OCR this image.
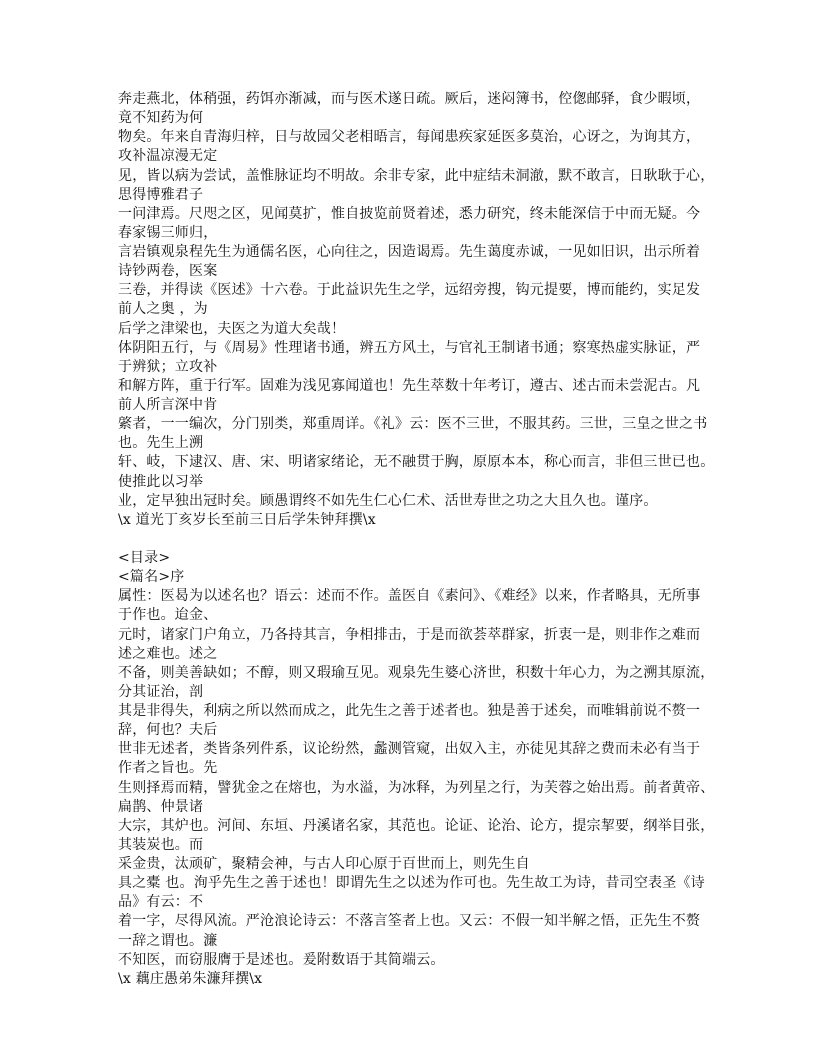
奔走燕北，体稍强，药饵亦渐减，而与医术遂日疏。厥后，迷闷簿书，倥偬邮驿，食少暇顷，
竟不知药为何
物矣。年来自青海归梓，日与故园父老相晤言，每闻患疾家延医多莫治，心讶之，为询其方，
攻补温凉漫无定
见，皆以病为尝试，盖惟脉证均不明故。余非专家，此中症结未洞澈，默不敢言，日耿耿于心，
思得博雅君子
一问津焉。尺咫之区，见闻莫扩，惟自披览前贤着述，悉力研究，终未能深信于中而无疑。今
春家锡三师归，
言岩镇观泉程先生为通儒名医，心向往之，因造谒焉。先生蔼度赤诚，一见如旧识，出示所着
诗钞两卷，医案
三卷，并得读《医述》十六卷。于此益识先生之学，远绍旁搜，钩元提要，博而能约，实足发
前人之奥 ，为
后学之津梁也，夫医之为道大矣哉！
体阴阳五行，与《周易》性理诸书通，辨五方风土，与官礼王制诸书通；察寒热虚实脉证，严
于辨狱；立攻补
和解方阵，重于行军。固难为浅见寡闻道也！先生萃数十年考订，遵古、述古而未尝泥古。凡
前人所言深中肯
綮者，一一编次，分门别类，郑重周详。《礼》云：医不三世，不服其药。三世，三皇之世之书
也。先生上溯
轩、岐，下逮汉、唐、宋、明诸家绪论，无不融贯于胸，原原本本，称心而言，非但三世已也。
使推此以习举
业，定早独出冠时矣。顾愚谓终不如先生仁心仁术、活世寿世之功之大且久也。谨序。
\x 道光丁亥岁长至前三日后学朱钟拜撰\x

<目录>
<篇名>序
属性：医曷为以述名也？语云：述而不作。盖医自《素问》、《难经》以来，作者略具，无所事
于作也。迨金、
元时，诸家门户角立，乃各持其言，争相排击，于是而欲荟萃群家，折衷一是，则非作之难而
述之难也。述之
不备，则美善缺如；不醇，则又瑕瑜互见。观泉先生婆心济世，积数十年心力，为之溯其原流，
分其证治，剖
其是非得失，利病之所以然而成之，此先生之善于述者也。独是善于述矣，而唯辑前说不赘一
辞，何也？夫后
世非无述者，类皆条列件系，议论纷然，蠡测管窥，出奴入主，亦徒见其辞之费而未必有当于
作者之旨也。先
生则择焉而精，譬犹金之在熔也，为水溢，为冰释，为列星之行，为芙蓉之始出焉。前者黄帝、
扁鹊、仲景诸
大宗，其炉也。河间、东垣、丹溪诸名家，其范也。论证、论治、论方，提宗挈要，纲举目张，
其装炭也。而
采金贵，汰顽矿，聚精会神，与古人印心原于百世而上，则先生自
具之橐 也。洵乎先生之善于述也！即谓先生之以述为作可也。先生故工为诗，昔司空表圣《诗
品》有云：不
着一字，尽得风流。严沧浪论诗云：不落言筌者上也。又云：不假一知半解之悟，正先生不赘
一辞之谓也。濂
不知医，而窃服膺于是述也。爰附数语于其简端云。
\x 藕庄愚弟朱濂拜撰\x
